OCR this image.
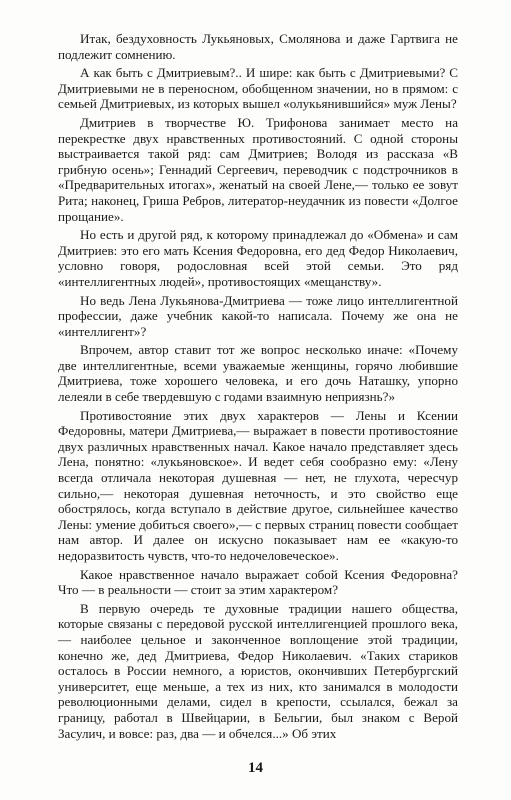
Итак, бездуховность Лукьяновых, Смолянова и даже Гартвига не подлежит сомнению.

А как быть с Дмитриевым?.. И шире: как быть с Дмитриевыми? С Дмитриевыми не в переносном, обобщенном значении, но в прямом: с семьей Дмитриевых, из которых вышел «олукьянившийся» муж Лены?

Дмитриев в творчестве Ю. Трифонова занимает место на перекрестке двух нравственных противостояний. С одной стороны выстраивается такой ряд: сам Дмитриев; Володя из рассказа «В грибную осень»; Геннадий Сергеевич, переводчик с подстрочников в «Предварительных итогах», женатый на своей Лене,— только ее зовут Рита; наконец, Гриша Ребров, литератор-неудачник из повести «Долгое прощание».

Но есть и другой ряд, к которому принадлежал до «Обмена» и сам Дмитриев: это его мать Ксения Федоровна, его дед Федор Николаевич, условно говоря, родословная всей этой семьи. Это ряд «интеллигентных людей», противостоящих «мещанству».

Но ведь Лена Лукьянова-Дмитриева — тоже лицо интеллигентной профессии, даже учебник какой-то написала. Почему же она не «интеллигент»?

Впрочем, автор ставит тот же вопрос несколько иначе: «Почему две интеллигентные, всеми уважаемые женщины, горячо любившие Дмитриева, тоже хорошего человека, и его дочь Наташку, упорно лелеяли в себе твердевшую с годами взаимную неприязнь?»

Противостояние этих двух характеров — Лены и Ксении Федоровны, матери Дмитриева,— выражает в повести противостояние двух различных нравственных начал. Какое начало представляет здесь Лена, понятно: «лукьяновское». И ведет себя сообразно ему: «Лену всегда отличала некоторая душевная — нет, не глухота, чересчур сильно,— некоторая душевная неточность, и это свойство еще обострялось, когда вступало в действие другое, сильнейшее качество Лены: умение добиться своего»,— с первых страниц повести сообщает нам автор. И далее он искусно показывает нам ее «какую-то недоразвитость чувств, что-то недочеловеческое».

Какое нравственное начало выражает собой Ксения Федоровна? Что — в реальности — стоит за этим характером?

В первую очередь те духовные традиции нашего общества, которые связаны с передовой русской интеллигенцией прошлого века,— наиболее цельное и законченное воплощение этой традиции, конечно же, дед Дмитриева, Федор Николаевич. «Таких стариков осталось в России немного, а юристов, окончивших Петербургский университет, еще меньше, а тех из них, кто занимался в молодости революционными делами, сидел в крепости, ссылался, бежал за границу, работал в Швейцарии, в Бельгии, был знаком с Верой Засулич, и вовсе: раз, два — и обчелся...» Об этих

14
